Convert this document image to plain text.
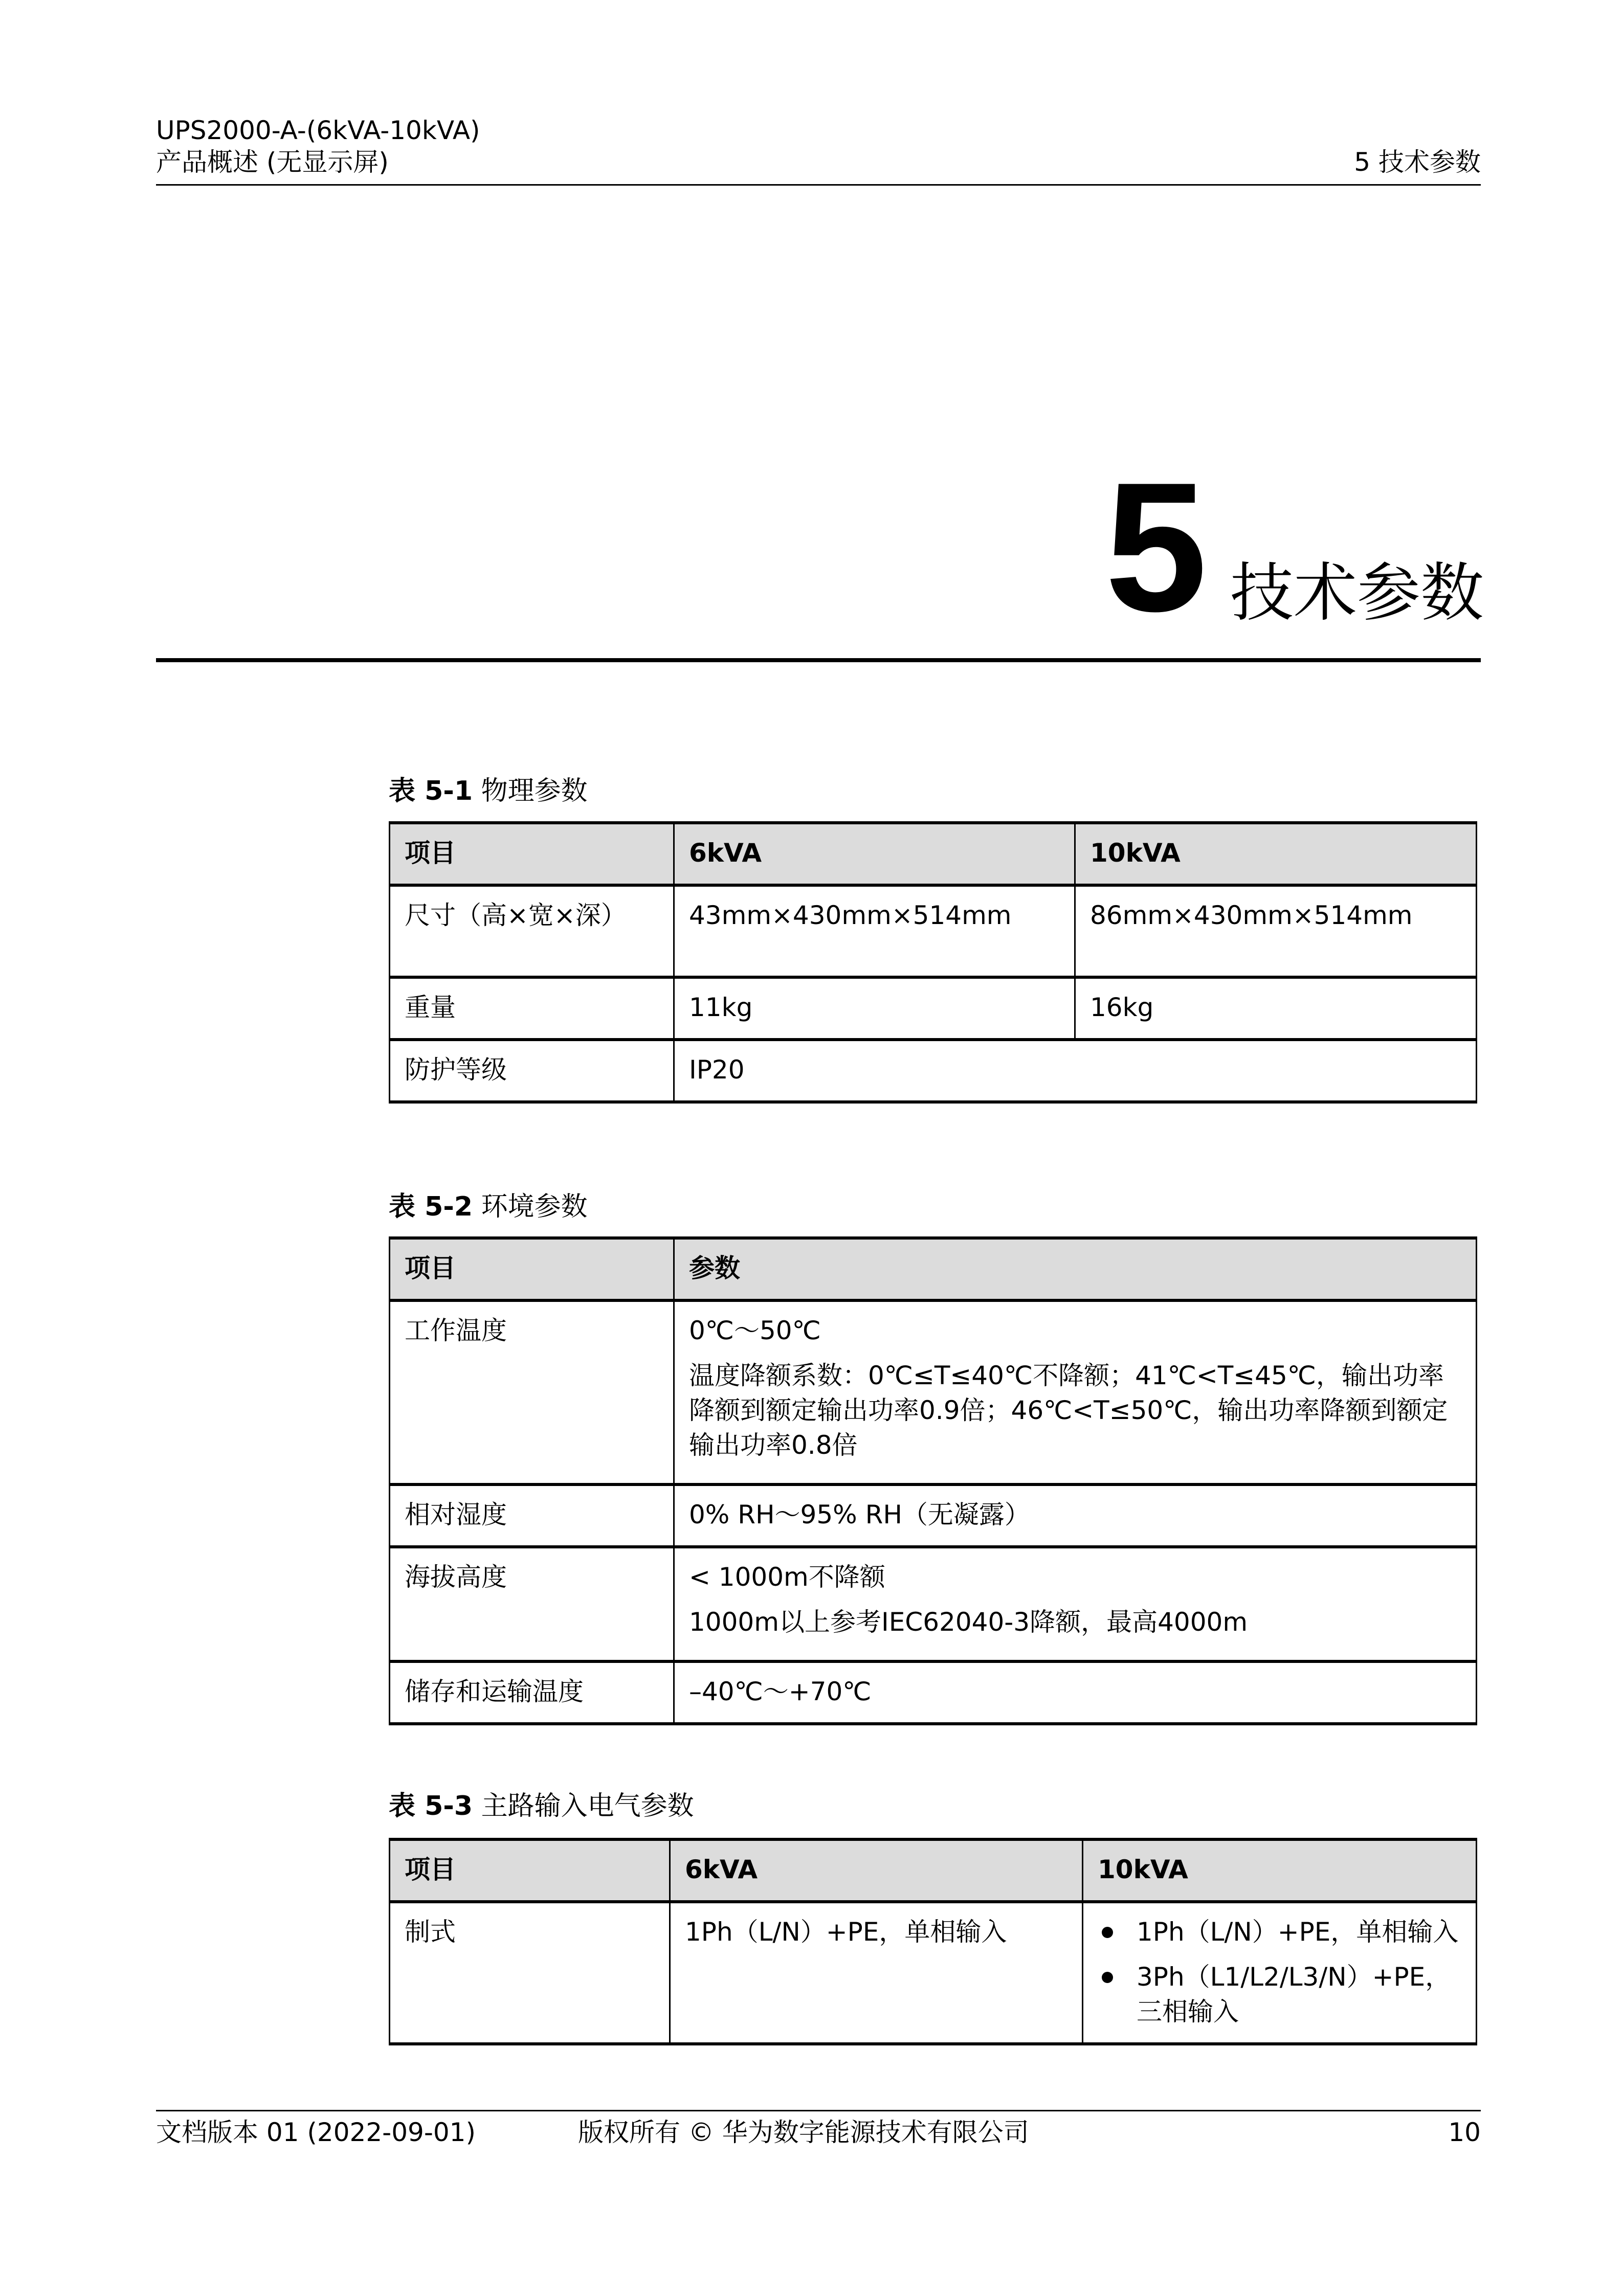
UPS2000-A-(6kVA-10kVA)
产品概述 (无显示屏)	5 技术参数
5 技术参数
表 5-1 物理参数
项目	6kVA	10kVA
尺寸（高×宽×深）	43mm×430mm×514mm	86mm×430mm×514mm
重量	11kg	16kg
防护等级	IP20	
表 5-2 环境参数
项目	参数
工作温度	0℃～50℃

温度降额系数：0℃≤T≤40℃不降额；41℃<T≤45℃，输出功率降额到额定输出功率0.9倍；46℃<T≤50℃，输出功率降额到额定输出功率0.8倍

相对湿度	0% RH～95% RH（无凝露）

海拔高度	< 1000m不降额

1000m以上参考IEC62040-3降额，最高4000m

储存和运输温度	–40℃～+70℃

表 5-3 主路输入电气参数
项目	6kVA	10kVA
制式	1Ph（L/N）+PE，单相输入	1Ph（L/N）+PE，单相输入
3Ph（L1/L2/L3/N）+PE，三相输入
文档版本 01 (2022-09-01)	版权所有 © 华为数字能源技术有限公司	10
